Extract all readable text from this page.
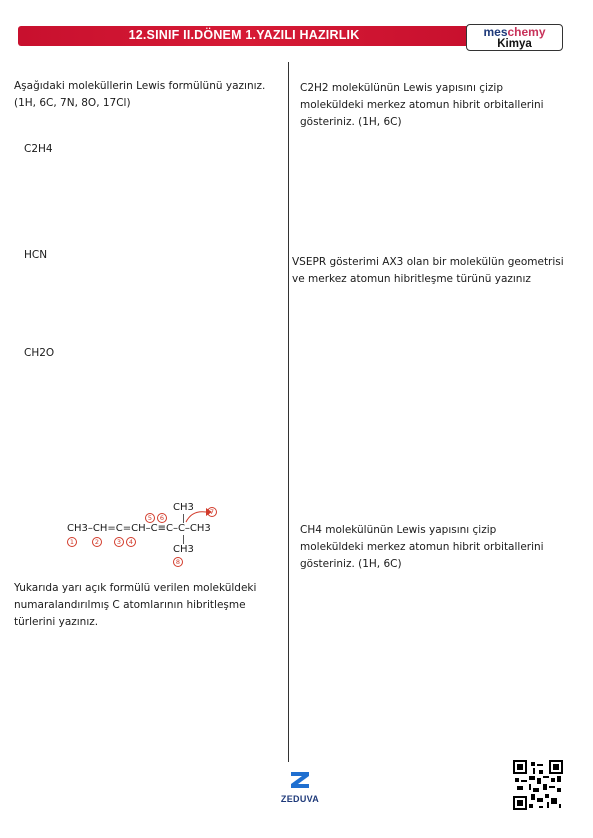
12.SINIF II.DÖNEM 1.YAZILI HAZIRLIK	meschemy
Kimya
Aşağıdaki moleküllerin Lewis formülünü yazınız.
(1H, 6C, 7N, 8O, 17Cl)
C2H4
HCN
CH2O
CH3
|
CH3–CH=C=CH–C≡C–C–CH3
|
CH3
1	2	3	4
5	6
7
8
Yukarıda yarı açık formülü verilen moleküldeki
numaralandırılmış C atomlarının hibritleşme
türlerini yazınız.
C2H2 molekülünün Lewis yapısını çizip
moleküldeki merkez atomun hibrit orbitallerini
gösteriniz. (1H, 6C)
VSEPR gösterimi AX3 olan bir molekülün geometrisi
ve merkez atomun hibritleşme türünü yazınız
CH4 molekülünün Lewis yapısını çizip
moleküldeki merkez atomun hibrit orbitallerini
gösteriniz. (1H, 6C)
ZEDUVA
